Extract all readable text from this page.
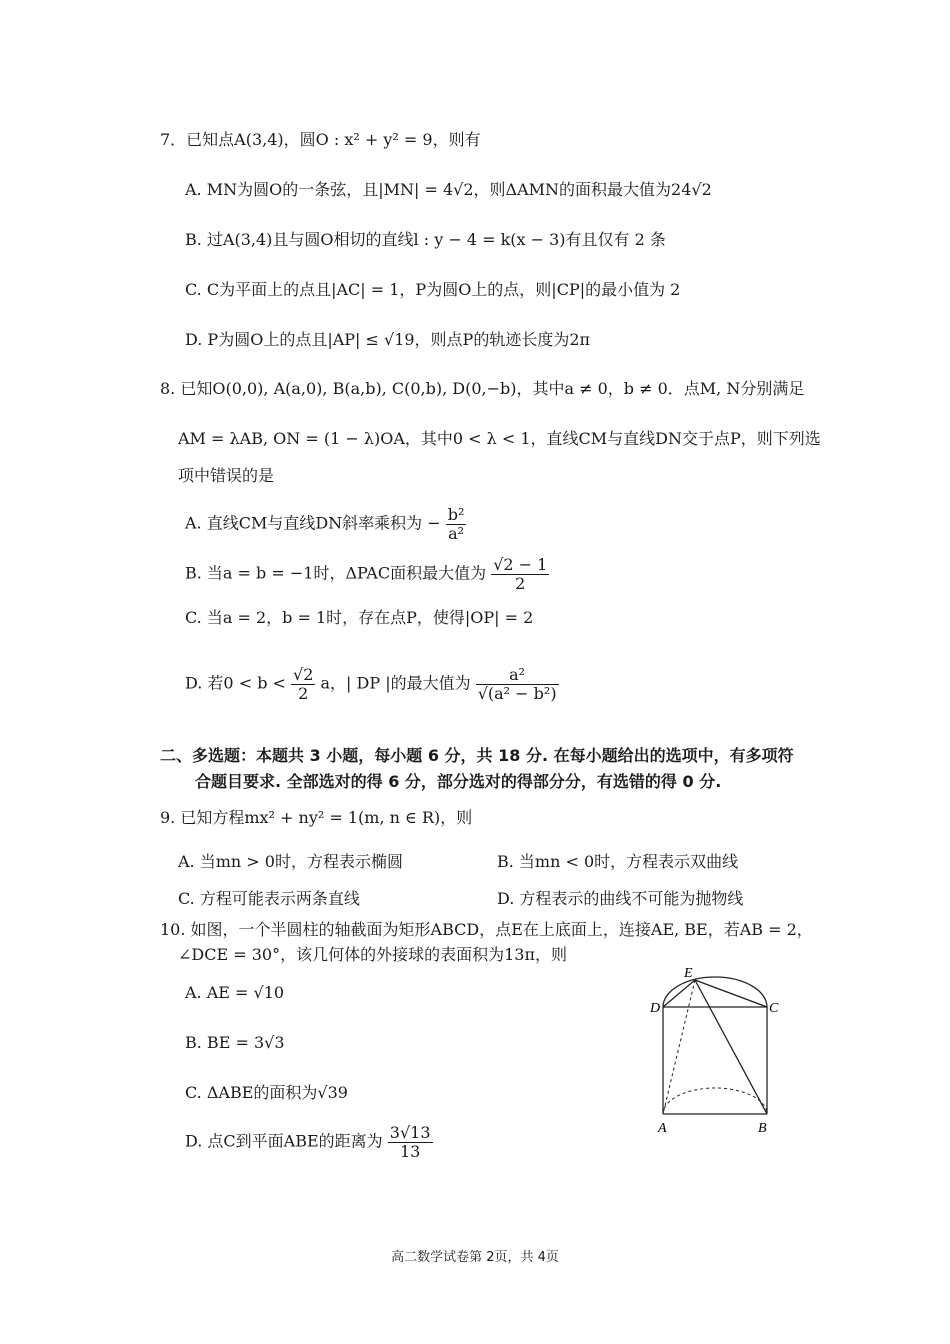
7．已知点A(3,4)，圆O : x² + y² = 9，则有
A. MN为圆O的一条弦，且|MN| = 4√2，则ΔAMN的面积最大值为24√2
B. 过A(3,4)且与圆O相切的直线l : y − 4 = k(x − 3)有且仅有 2 条
C. C为平面上的点且|AC| = 1，P为圆O上的点，则|CP|的最小值为 2
D. P为圆O上的点且|AP| ≤ √19，则点P的轨迹长度为2π
8. 已知O(0,0), A(a,0), B(a,b), C(0,b), D(0,−b)，其中a ≠ 0，b ≠ 0．点M, N分别满足
AM = λAB, ON = (1 − λ)OA，其中0 < λ < 1，直线CM与直线DN交于点P，则下列选
项中错误的是
A. 直线CM与直线DN斜率乘积为 − $\frac{\text{b²}}{\text{a²}}$
B. 当a = b = −1时，ΔPAC面积最大值为 $\frac{√2 - 1}{2}$
C. 当a = 2，b = 1时，存在点P，使得|OP| = 2
D. 若$0 < b < \frac{√2}{2}$ a，| DP |的最大值为 $\frac{\text{a²}}{\text{√(a² − b²)}}$
二、多选题：本题共 3 小题，每小题 6 分，共 18 分. 在每小题给出的选项中，有多项符
合题目要求. 全部选对的得 6 分，部分选对的得部分分，有选错的得 0 分.
9. 已知方程mx² + ny² = 1(m, n ∈ R)，则
A. 当mn > 0时，方程表示椭圆	B. 当mn < 0时，方程表示双曲线
C. 方程可能表示两条直线	D. 方程表示的曲线不可能为抛物线
10. 如图，一个半圆柱的轴截面为矩形ABCD，点E在上底面上，连接AE, BE，若AB = 2，
∠DCE = 30°，该几何体的外接球的表面积为13π，则
A. AE = √10
B. BE = 3√3
C. ΔABE的面积为√39
D. 点C到平面ABE的距离为 $\frac{3√13}{13}$
E
D	C
A	B
高二数学试卷第 2页，共 4页
